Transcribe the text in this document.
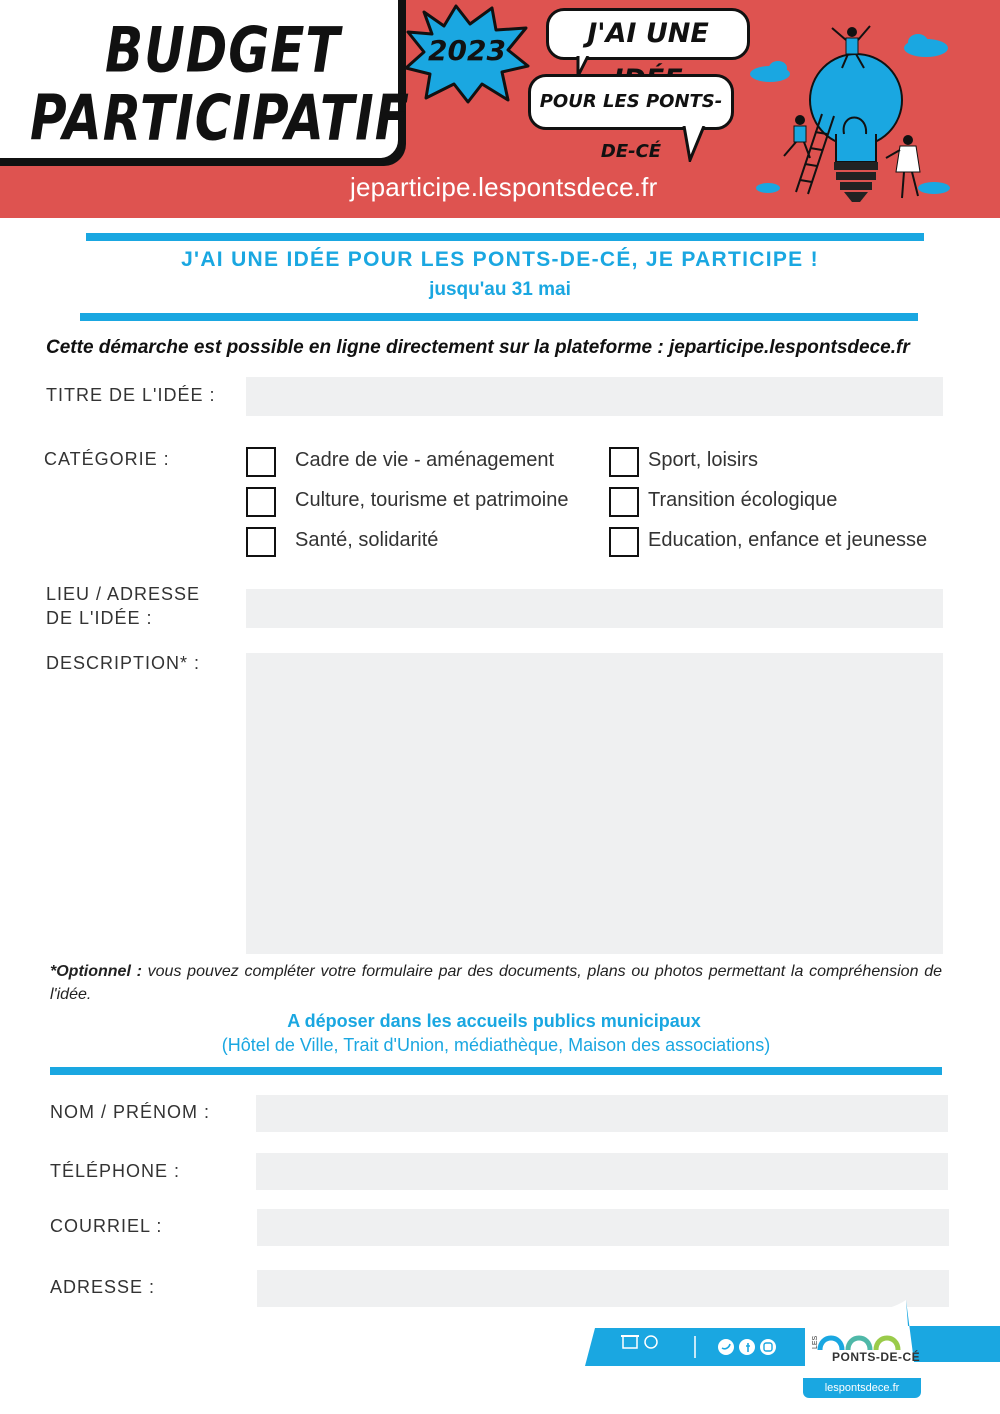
BUDGET
PARTICIPATIF
2023
J'AI UNE
POUR LES PONTS-DE-CÉ
jeparticipe.lespontsdece.fr
J'AI UNE IDÉE POUR LES PONTS-DE-CÉ, JE PARTICIPE !
jusqu'au 31 mai
Cette démarche est possible en ligne directement sur la plateforme : jeparticipe.lespontsdece.fr
TITRE DE L'IDÉE :
CATÉGORIE :	Cadre de vie - aménagement
Culture, tourisme et patrimoine
Santé, solidarité
Sport, loisirs
Transition écologique
Education, enfance et jeunesse
LIEU / ADRESSE
DE L'IDÉE :
DESCRIPTION* :
*Optionnel : vous pouvez compléter votre formulaire par des documents, plans ou photos permettant la compréhension de l'idée.
A déposer dans les accueils publics municipaux
(Hôtel de Ville, Trait d'Union, médiathèque, Maison des associations)
NOM / PRÉNOM :
TÉLÉPHONE :
COURRIEL :
ADRESSE :
LES
PONTS-DE-CÉ
lespontsdece.fr
